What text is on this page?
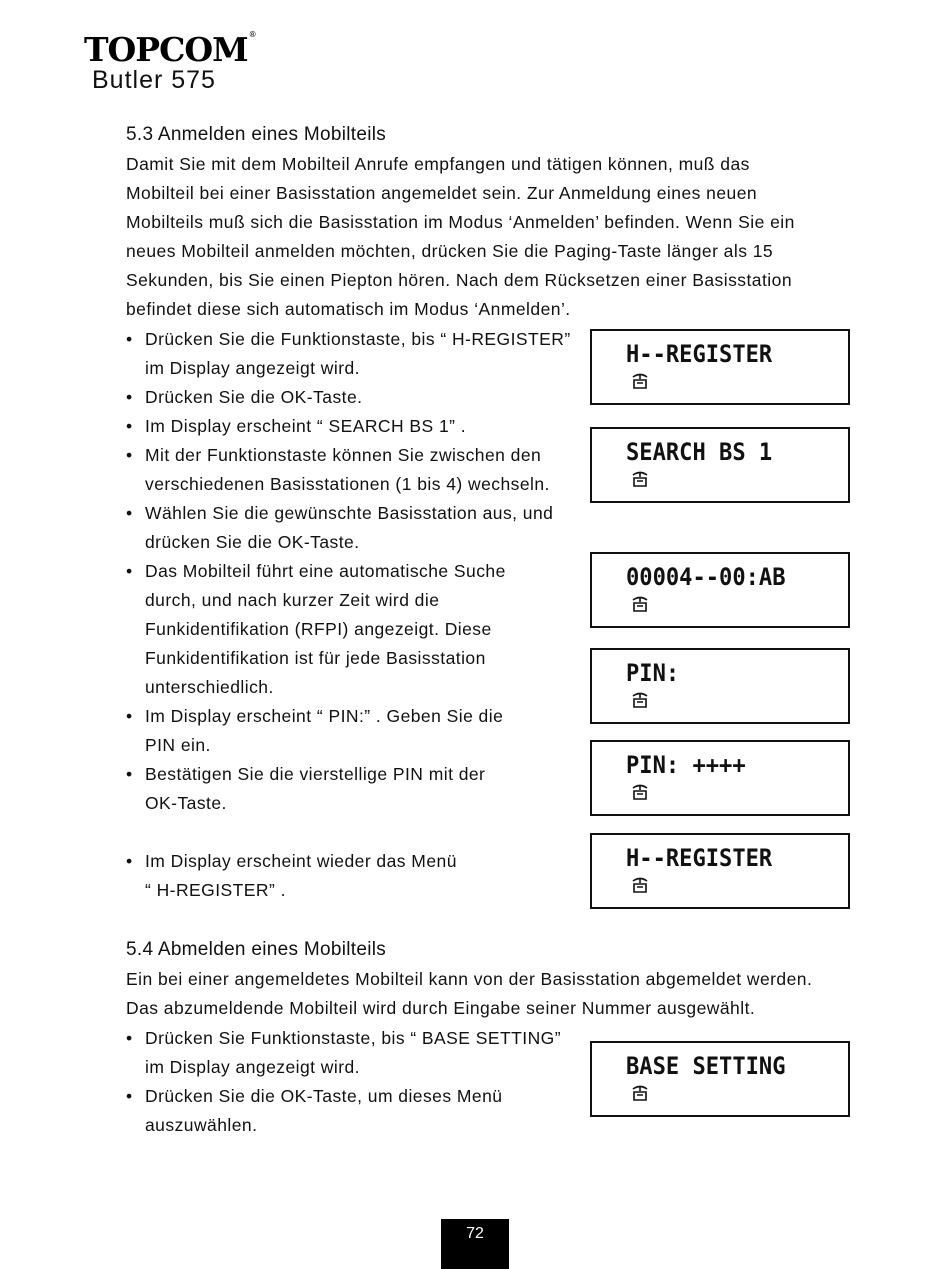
TOPCOM®
Butler 575
5.3 Anmelden eines Mobilteils
Damit Sie mit dem Mobilteil Anrufe empfangen und tätigen können, muß das
Mobilteil bei einer Basisstation angemeldet sein. Zur Anmeldung eines neuen
Mobilteils muß sich die Basisstation im Modus ‘Anmelden’ befinden. Wenn Sie ein
neues Mobilteil anmelden möchten, drücken Sie die Paging-Taste länger als 15
Sekunden, bis Sie einen Piepton hören. Nach dem Rücksetzen einer Basisstation
befindet diese sich automatisch im Modus ‘Anmelden’.
• Drücken Sie die Funktionstaste, bis “ H-REGISTER”
im Display angezeigt wird.
• Drücken Sie die OK-Taste.
• Im Display erscheint “ SEARCH BS 1” .
• Mit der Funktionstaste können Sie zwischen den
verschiedenen Basisstationen (1 bis 4) wechseln.
• Wählen Sie die gewünschte Basisstation aus, und
drücken Sie die OK-Taste.
• Das Mobilteil führt eine automatische Suche
durch, und nach kurzer Zeit wird die
Funkidentifikation (RFPI) angezeigt. Diese
Funkidentifikation ist für jede Basisstation
unterschiedlich.
• Im Display erscheint “ PIN:” . Geben Sie die
PIN ein.
• Bestätigen Sie die vierstellige PIN mit der
OK-Taste.
• Im Display erscheint wieder das Menü
“ H-REGISTER” .
H--REGISTER
SEARCH BS 1
00004--00:AB
PIN:
PIN: ++++
H--REGISTER
5.4 Abmelden eines Mobilteils
Ein bei einer angemeldetes Mobilteil kann von der Basisstation abgemeldet werden.
Das abzumeldende Mobilteil wird durch Eingabe seiner Nummer ausgewählt.
• Drücken Sie Funktionstaste, bis “ BASE SETTING”
im Display angezeigt wird.
• Drücken Sie die OK-Taste, um dieses Menü
auszuwählen.
BASE SETTING
72
